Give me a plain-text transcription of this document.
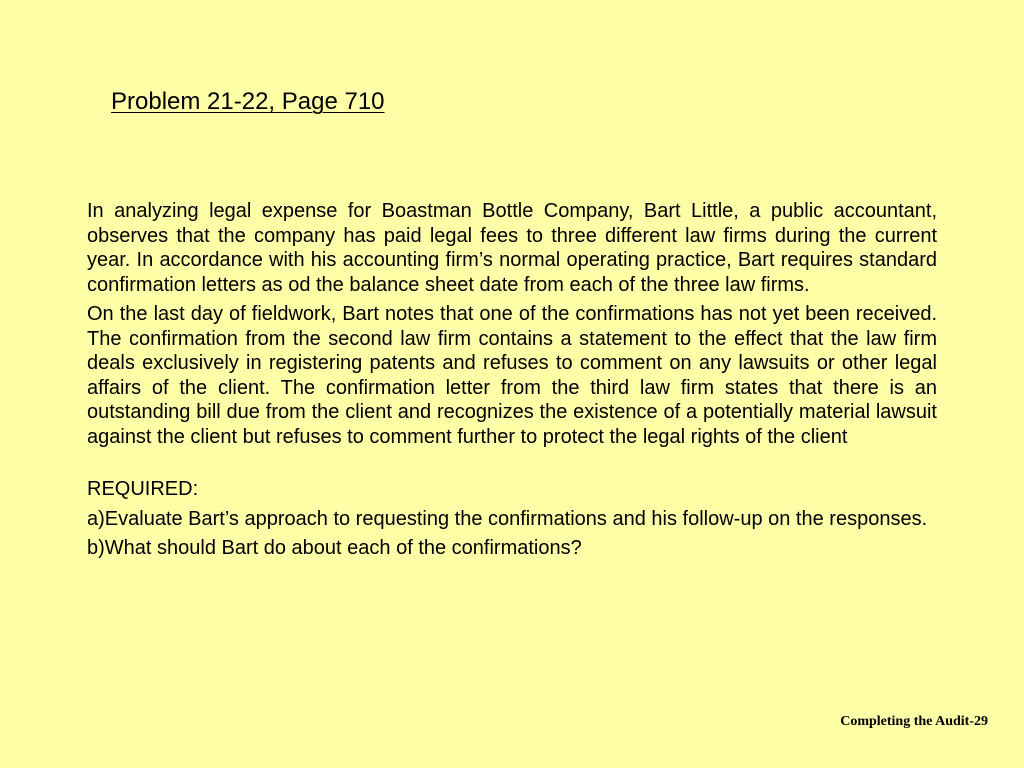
Problem 21-22, Page 710

In analyzing legal expense for Boastman Bottle Company, Bart Little, a public accountant, observes that the company has paid legal fees to three different law firms during the current year. In accordance with his accounting firm’s normal operating practice, Bart requires standard confirmation letters as od the balance sheet date from each of the three law firms.

On the last day of fieldwork, Bart notes that one of the confirmations has not yet been received. The confirmation from the second law firm contains a statement to the effect that the law firm deals exclusively in registering patents and refuses to comment on any lawsuits or other legal affairs of the client. The confirmation letter from the third law firm states that there is an outstanding bill due from the client and recognizes the existence of a potentially material lawsuit against the client but refuses to comment further to protect the legal rights of the client

REQUIRED:

a)Evaluate Bart’s approach to requesting the confirmations and his follow-up on the responses.

b)What should Bart do about each of the confirmations?

Completing the Audit-29
